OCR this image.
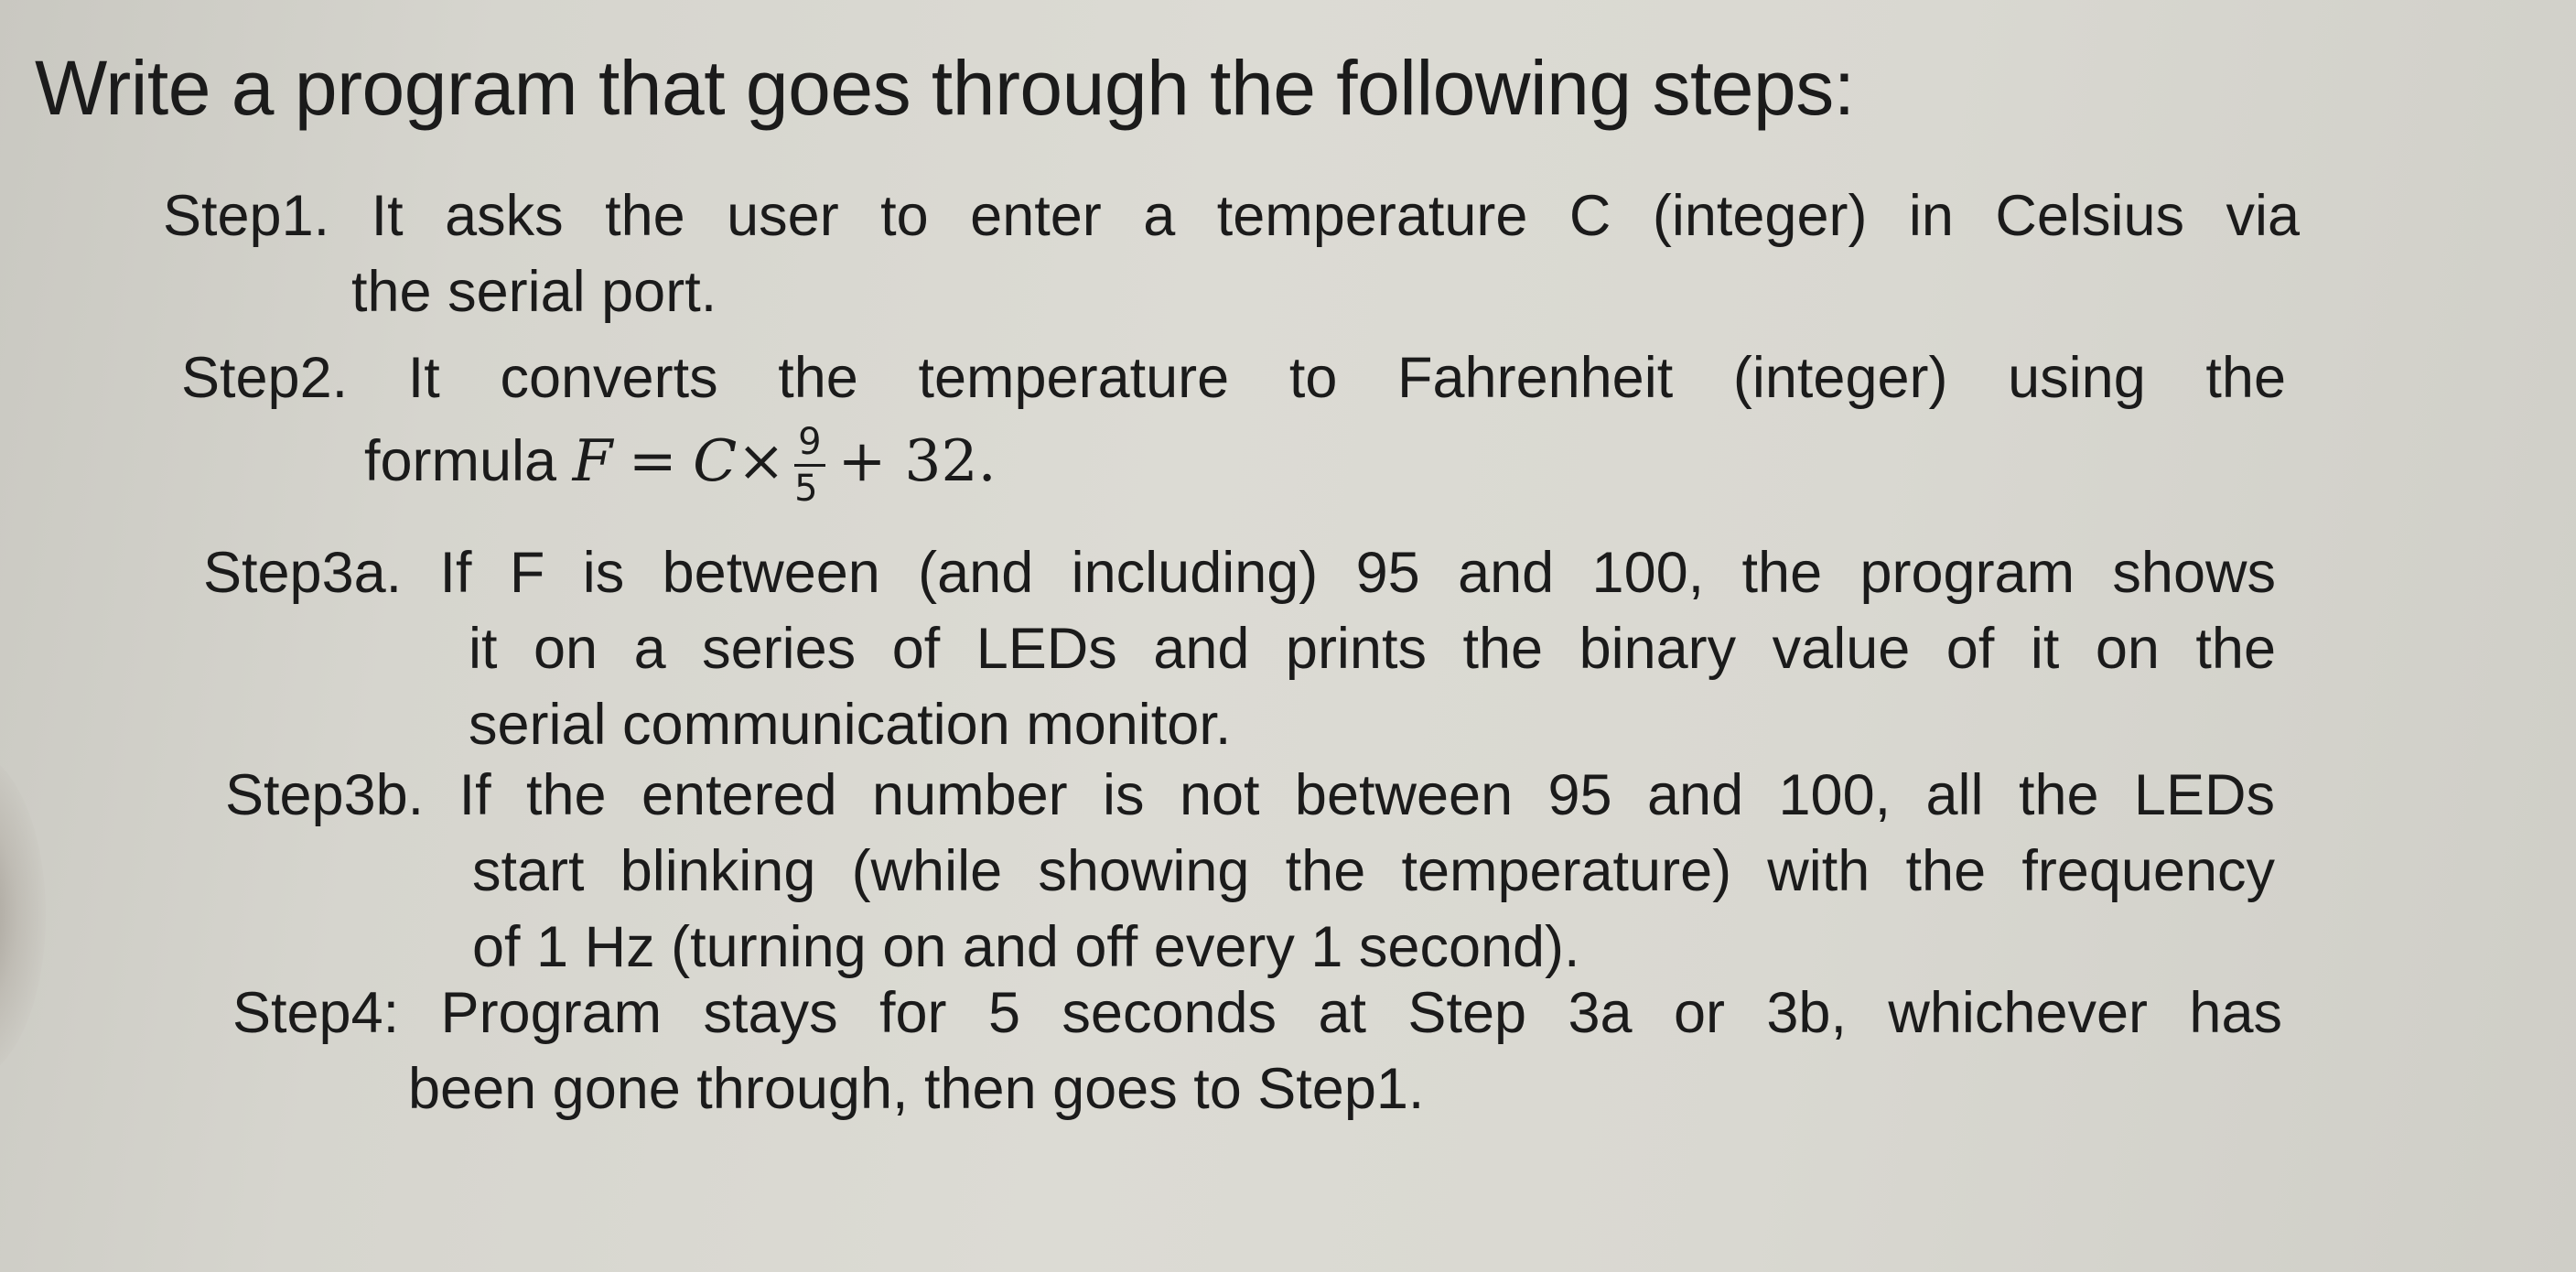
Write a program that goes through the following steps:
Step1. It asks the user to enter a temperature C (integer) in Celsius via
the serial port.
Step2. It converts the temperature to Fahrenheit (integer) using the
formula $F = C\times \frac{9}{5} + 32$.
Step3a. If F is between (and including) 95 and 100, the program shows
it on a series of LEDs and prints the binary value of it on the
serial communication monitor.
Step3b. If the entered number is not between 95 and 100, all the LEDs
start blinking (while showing the temperature) with the frequency
of 1 Hz (turning on and off every 1 second).
Step4: Program stays for 5 seconds at Step 3a or 3b, whichever has
been gone through, then goes to Step1.
